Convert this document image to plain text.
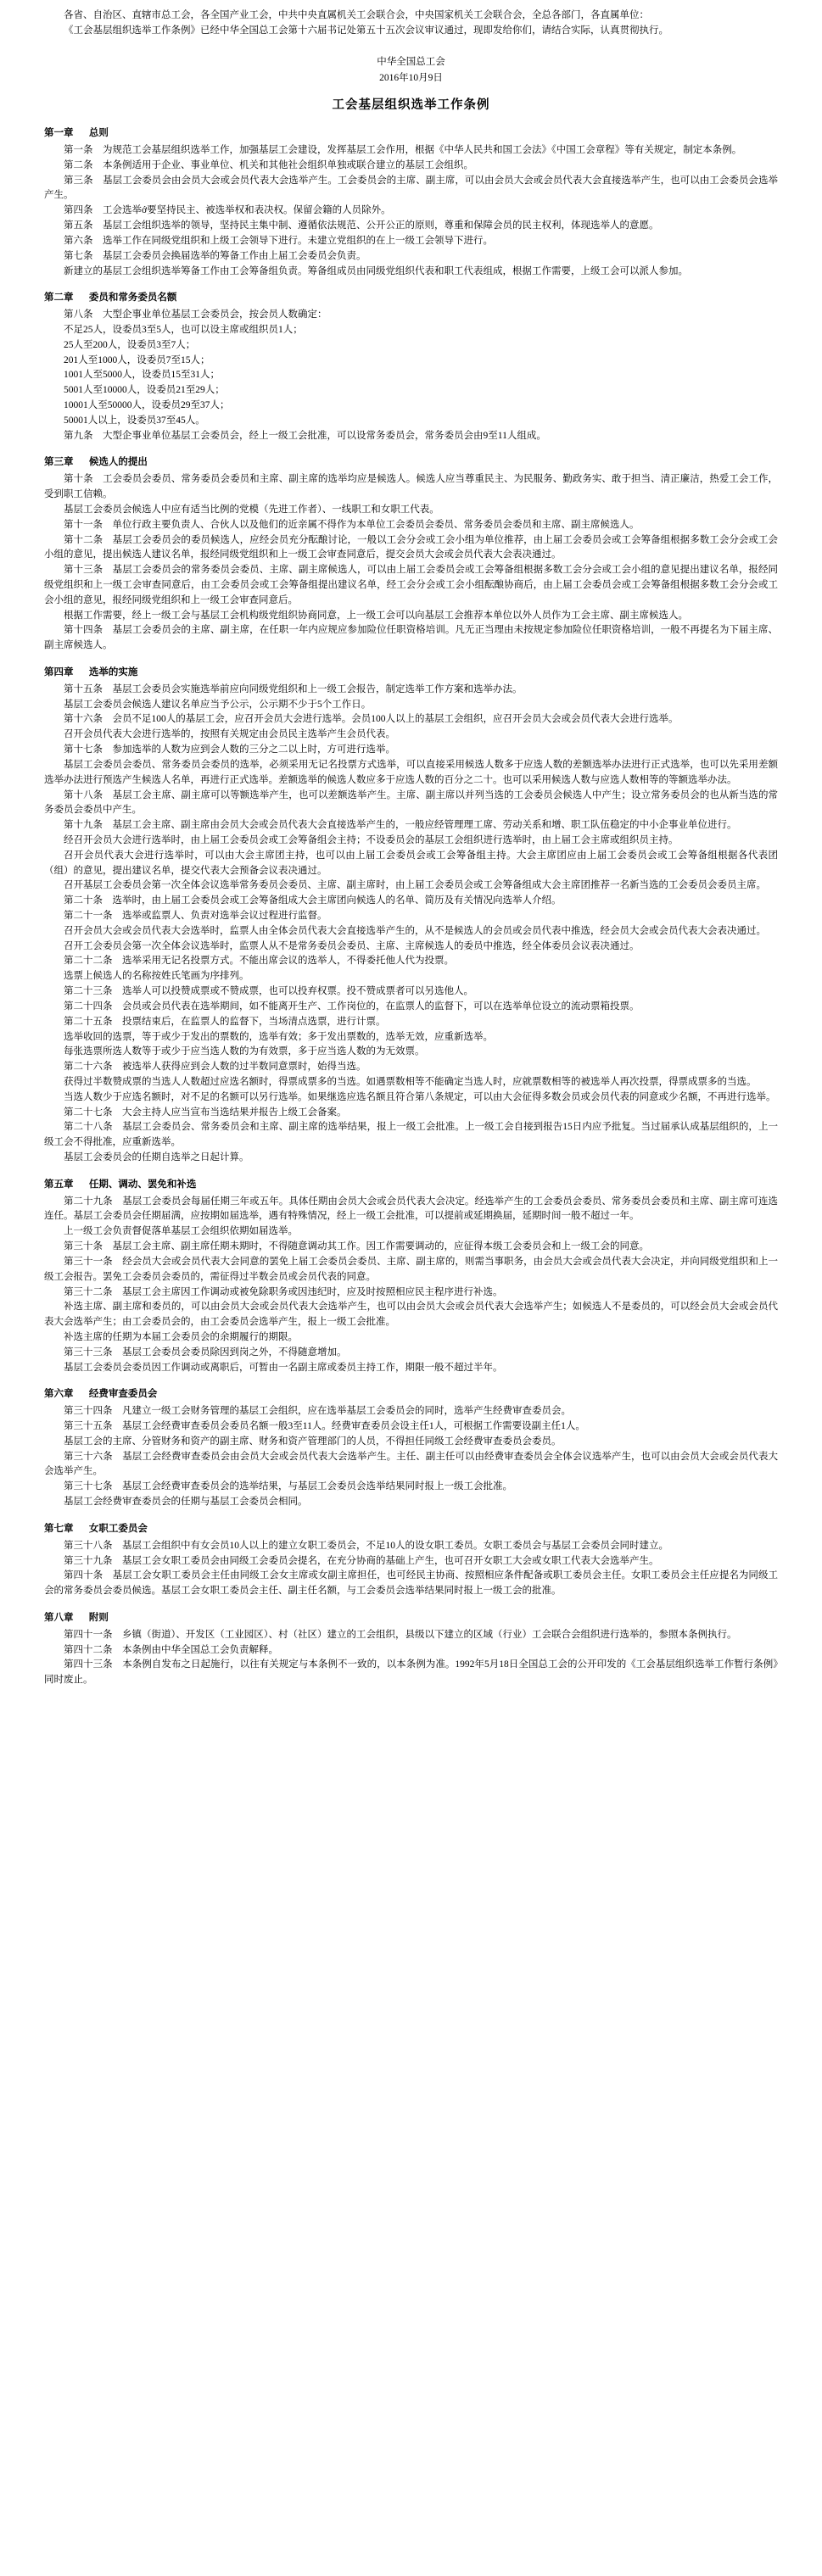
各省、自治区、直辖市总工会，各全国产业工会，中共中央直属机关工会联合会，中央国家机关工会联合会，全总各部门，各直属单位：

《工会基层组织选举工作条例》已经中华全国总工会第十六届书记处第五十五次会议审议通过，现即发给你们，请结合实际，认真贯彻执行。

中华全国总工会
2016年10月9日
工会基层组织选举工作条例
第一章 总则

第一条　为规范工会基层组织选举工作，加强基层工会建设，发挥基层工会作用，根据《中华人民共和国工会法》《中国工会章程》等有关规定，制定本条例。

第二条　本条例适用于企业、事业单位、机关和其他社会组织单独或联合建立的基层工会组织。

第三条　基层工会委员会由会员大会或会员代表大会选举产生。工会委员会的主席、副主席，可以由会员大会或会员代表大会直接选举产生，也可以由工会委员会选举产生。

第四条　工会选举ớ要坚持民主、被选举权和表决权。保留会籍的人员除外。

第五条　基层工会组织选举的领导，坚持民主集中制、遵循依法规范、公开公正的原则，尊重和保障会员的民主权利，体现选举人的意愿。

第六条　选举工作在同级党组织和上级工会领导下进行。未建立党组织的在上一级工会领导下进行。

第七条　基层工会委员会换届选举的筹备工作由上届工会委员会负责。

新建立的基层工会组织选举筹备工作由工会筹备组负责。筹备组成员由同级党组织代表和职工代表组成，根据工作需要，上级工会可以派人参加。

第二章 委员和常务委员名额

第八条　大型企事业单位基层工会委员会，按会员人数确定：

不足25人，设委员3至5人，也可以设主席或组织员1人；

25人至200人，设委员3至7人；

201人至1000人，设委员7至15人；

1001人至5000人，设委员15至31人；

5001人至10000人，设委员21至29人；

10001人至50000人，设委员29至37人；

50001人以上，设委员37至45人。

第九条　大型企事业单位基层工会委员会，经上一级工会批准，可以设常务委员会，常务委员会由9至11人组成。

第三章 候选人的提出

第十条　工会委员会委员、常务委员会委员和主席、副主席的选举均应是候选人。候选人应当尊重民主、为民服务、勤政务实、敢于担当、清正廉洁，热爱工会工作，受到职工信赖。

基层工会委员会候选人中应有适当比例的党模（先进工作者）、一线职工和女职工代表。

第十一条　单位行政主要负责人、合伙人以及他们的近亲属不得作为本单位工会委员会委员、常务委员会委员和主席、副主席候选人。

第十二条　基层工会委员会的委员候选人，应经会员充分酝酿讨论，一般以工会分会或工会小组为单位推荐，由上届工会委员会或工会筹备组根据多数工会分会或工会小组的意见，提出候选人建议名单，报经同级党组织和上一级工会审查同意后，提交会员大会或会员代表大会表决通过。

第十三条　基层工会委员会的常务委员会委员、主席、副主席候选人，可以由上届工会委员会或工会筹备组根据多数工会分会或工会小组的意见提出建议名单，报经同级党组织和上一级工会审查同意后，由工会委员会或工会筹备组提出建议名单，经工会分会或工会小组酝酿协商后，由上届工会委员会或工会筹备组根据多数工会分会或工会小组的意见，报经同级党组织和上一级工会审查同意后。

根据工作需要，经上一级工会与基层工会机构级党组织协商同意，上一级工会可以向基层工会推荐本单位以外人员作为工会主席、副主席候选人。

第十四条　基层工会委员会的主席、副主席，在任职一年内应规应参加险位任职资格培训。凡无正当理由未按规定参加险位任职资格培训，一般不再提名为下届主席、副主席候选人。

第四章 选举的实施

第十五条　基层工会委员会实施选举前应向同级党组织和上一级工会报告，制定选举工作方案和选举办法。

基层工会委员会候选人建议名单应当予公示，公示期不少于5个工作日。

第十六条　会员不足100人的基层工会，应召开会员大会进行选举。会员100人以上的基层工会组织，应召开会员大会或会员代表大会进行选举。

召开会员代表大会进行选举的，按照有关规定由会员民主选举产生会员代表。

第十七条　参加选举的人数为应到会人数的三分之二以上时，方可进行选举。

基层工会委员会委员、常务委员会委员的选举，必须采用无记名投票方式选举，可以直接采用候选人数多于应选人数的差额选举办法进行正式选举，也可以先采用差额选举办法进行预选产生候选人名单，再进行正式选举。差额选举的候选人数应多于应选人数的百分之二十。也可以采用候选人数与应选人数相等的等额选举办法。

第十八条　基层工会主席、副主席可以等额选举产生，也可以差额选举产生。主席、副主席以并列当选的工会委员会候选人中产生；设立常务委员会的也从新当选的常务委员会委员中产生。

第十九条　基层工会主席、副主席由会员大会或会员代表大会直接选举产生的，一般应经管理理工席、劳动关系和增、职工队伍稳定的中小企事业单位进行。

经召开会员大会进行选举时，由上届工会委员会或工会筹备组会主持；不设委员会的基层工会组织进行选举时，由上届工会主席或组织员主持。

召开会员代表大会进行选举时，可以由大会主席团主持，也可以由上届工会委员会或工会筹备组主持。大会主席团应由上届工会委员会或工会筹备组根据各代表团（组）的意见，提出建议名单，提交代表大会预备会议表决通过。

召开基层工会委员会第一次全体会议选举常务委员会委员、主席、副主席时，由上届工会委员会或工会筹备组成大会主席团推荐一名新当选的工会委员会委员主席。

第二十条　选举时，由上届工会委员会或工会筹备组成大会主席团向候选人的名单、简历及有关情况向选举人介绍。

第二十一条　选举或监票人、负责对选举会议过程进行监督。

召开会员大会或会员代表大会选举时，监票人由全体会员代表大会直接选举产生的，从不是候选人的会员或会员代表中推选，经会员大会或会员代表大会表决通过。

召开工会委员会第一次全体会议选举时，监票人从不是常务委员会委员、主席、主席候选人的委员中推选，经全体委员会议表决通过。

第二十二条　选举采用无记名投票方式。不能出席会议的选举人，不得委托他人代为投票。

选票上候选人的名称按姓氏笔画为序排列。

第二十三条　选举人可以投赞成票或不赞成票，也可以投弃权票。投不赞成票者可以另选他人。

第二十四条　会员或会员代表在选举期间，如不能离开生产、工作岗位的，在监票人的监督下，可以在选举单位设立的流动票箱投票。

第二十五条　投票结束后，在监票人的监督下，当场清点选票，进行计票。

选举收回的选票，等于或少于发出的票数的，选举有效；多于发出票数的，选举无效，应重新选举。

每张选票所选人数等于或少于应当选人数的为有效票，多于应当选人数的为无效票。

第二十六条　被选举人获得应到会人数的过半数同意票时，始得当选。

获得过半数赞成票的当选人人数超过应选名额时，得票成票多的当选。如遇票数相等不能确定当选人时，应就票数相等的被选举人再次投票，得票成票多的当选。

当选人数少于应选名额时，对不足的名额可以另行选举。如果继选应选名额且符合第八条规定，可以由大会征得多数会员或会员代表的同意或少名额，不再进行选举。

第二十七条　大会主持人应当宣布当选结果并报告上级工会备案。

第二十八条　基层工会委员会、常务委员会和主席、副主席的选举结果，报上一级工会批准。上一级工会自接到报告15日内应予批复。当过届承认成基层组织的，上一级工会不得批准，应重新选举。

基层工会委员会的任期自选举之日起计算。

第五章 任期、调动、罢免和补选

第二十九条　基层工会委员会每届任期三年或五年。具体任期由会员大会或会员代表大会决定。经选举产生的工会委员会委员、常务委员会委员和主席、副主席可连选连任。基层工会委员会任期届满，应按期如届选举，遇有特殊情况，经上一级工会批准，可以提前或延期换届，延期时间一般不超过一年。

上一级工会负责督促落单基层工会组织依期如届选举。

第三十条　基层工会主席、副主席任期未期时，不得随意调动其工作。因工作需要调动的，应征得本级工会委员会和上一级工会的同意。

第三十一条　经会员大会或会员代表大会同意的罢免上届工会委员会委员、主席、副主席的，则需当事职务，由会员大会或会员代表大会决定，并向同级党组织和上一级工会报告。罢免工会委员会委员的，需征得过半数会员或会员代表的同意。

第三十二条　基层工会主席因工作调动或被免除职务或因违纪时，应及时按照相应民主程序进行补选。

补选主席、副主席和委员的，可以由会员大会或会员代表大会选举产生，也可以由会员大会或会员代表大会选举产生；如候选人不是委员的，可以经会员大会或会员代表大会选举产生；由工会委员会的，由工会委员会选举产生，报上一级工会批准。

补选主席的任期为本届工会委员会的余期履行的期限。

第三十三条　基层工会委员会委员除因到岗之外，不得随意增加。

基层工会委员会委员因工作调动或离职后，可暂由一名副主席或委员主持工作，期限一般不超过半年。

第六章 经费审查委员会

第三十四条　凡建立一级工会财务管理的基层工会组织，应在选举基层工会委员会的同时，选举产生经费审查委员会。

第三十五条　基层工会经费审查委员会委员名额一般3至11人。经费审查委员会设主任1人，可根据工作需要设副主任1人。

基层工会的主席、分管财务和资产的副主席、财务和资产管理部门的人员，不得担任同级工会经费审查委员会委员。

第三十六条　基层工会经费审查委员会由会员大会或会员代表大会选举产生。主任、副主任可以由经费审查委员会全体会议选举产生，也可以由会员大会或会员代表大会选举产生。

第三十七条　基层工会经费审查委员会的选举结果，与基层工会委员会选举结果同时报上一级工会批准。

基层工会经费审查委员会的任期与基层工会委员会相同。

第七章 女职工委员会

第三十八条　基层工会组织中有女会员10人以上的建立女职工委员会，不足10人的设女职工委员。女职工委员会与基层工会委员会同时建立。

第三十九条　基层工会女职工委员会由同级工会委员会提名，在充分协商的基础上产生，也可召开女职工大会或女职工代表大会选举产生。

第四十条　基层工会女职工委员会主任由同级工会女主席或女副主席担任，也可经民主协商、按照相应条件配备或职工委员会主任。女职工委员会主任应提名为同级工会的常务委员会委员候选。基层工会女职工委员会主任、副主任名额，与工会委员会选举结果同时报上一级工会的批准。

第八章 附则

第四十一条　乡镇（街道）、开发区（工业园区）、村（社区）建立的工会组织，县级以下建立的区域（行业）工会联合会组织进行选举的，参照本条例执行。

第四十二条　本条例由中华全国总工会负责解释。

第四十三条　本条例自发布之日起施行，以往有关规定与本条例不一致的，以本条例为准。1992年5月18日全国总工会的公开印发的《工会基层组织选举工作暂行条例》同时废止。
